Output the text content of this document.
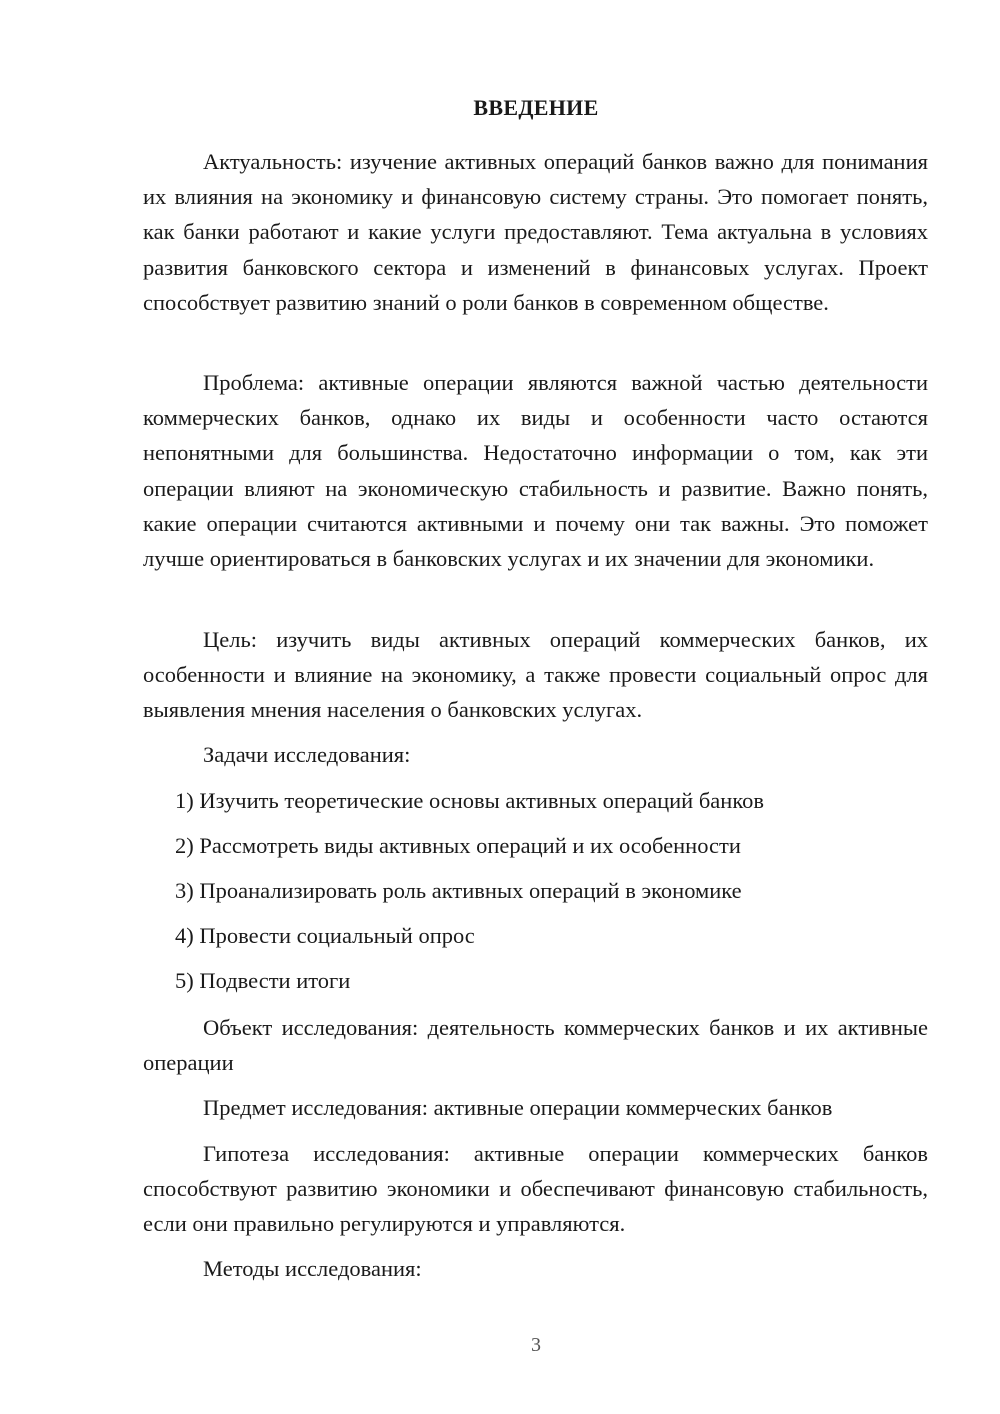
ВВЕДЕНИЕ

Актуальность: изучение активных операций банков важно для понимания их влияния на экономику и финансовую систему страны. Это помогает понять, как банки работают и какие услуги предоставляют. Тема актуальна в условиях развития банковского сектора и изменений в финансовых услугах. Проект способствует развитию знаний о роли банков в современном обществе.

Проблема: активные операции являются важной частью деятельности коммерческих банков, однако их виды и особенности часто остаются непонятными для большинства. Недостаточно информации о том, как эти операции влияют на экономическую стабильность и развитие. Важно понять, какие операции считаются активными и почему они так важны. Это поможет лучше ориентироваться в банковских услугах и их значении для экономики.

Цель: изучить виды активных операций коммерческих банков, их особенности и влияние на экономику, а также провести социальный опрос для выявления мнения населения о банковских услугах.

Задачи исследования:

1) Изучить теоретические основы активных операций банков

2) Рассмотреть виды активных операций и их особенности

3) Проанализировать роль активных операций в экономике

4) Провести социальный опрос

5) Подвести итоги

Объект исследования: деятельность коммерческих банков и их активные операции

Предмет исследования: активные операции коммерческих банков

Гипотеза исследования: активные операции коммерческих банков способствуют развитию экономики и обеспечивают финансовую стабильность, если они правильно регулируются и управляются.

Методы исследования:

3
